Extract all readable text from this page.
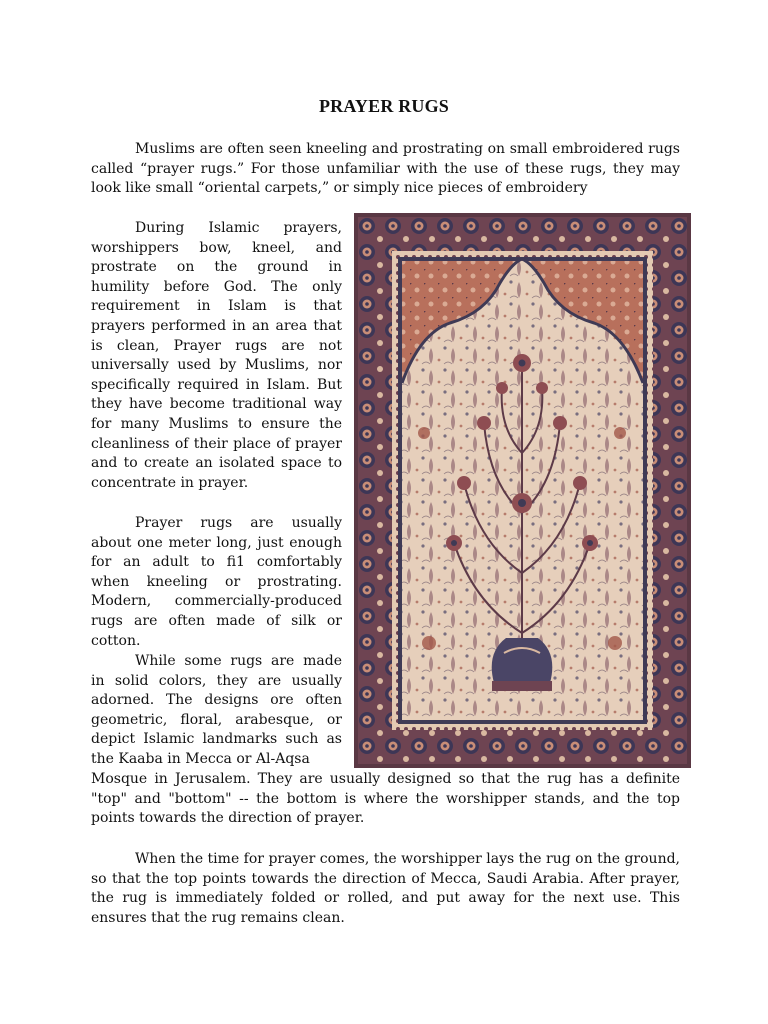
PRAYER RUGS

Muslims are often seen kneeling and prostrating on small embroidered rugs called “prayer rugs.” For those unfamiliar with the use of these rugs, they may look like small “oriental carpets,” or simply nice pieces of embroidery

During Islamic prayers, worshippers bow, kneel, and prostrate on the ground in humility before God. The only requirement in Islam is that prayers performed in an area that is clean, Prayer rugs are not universally used by Muslims, nor specifically required in Islam. But they have become traditional way for many Muslims to ensure the cleanliness of their place of prayer and to create an isolated space to concentrate in prayer.

Prayer rugs are usually about one meter long, just enough for an adult to fi1 comfortably when kneeling or prostrating. Modern, commercially-produced rugs are often made of silk or cotton.

While some rugs are made in solid colors, they are usually adorned. The designs ore often geometric, floral, arabesque, or depict Islamic landmarks such as the Kaaba in Mecca or Al-Aqsa

Mosque in Jerusalem. They are usually designed so that the rug has a definite "top" and "bottom" -- the bottom is where the worshipper stands, and the top points towards the direction of prayer.

When the time for prayer comes, the worshipper lays the rug on the ground, so that the top points towards the direction of Mecca, Saudi Arabia. After prayer, the rug is immediately folded or rolled, and put away for the next use. This ensures that the rug remains clean.
